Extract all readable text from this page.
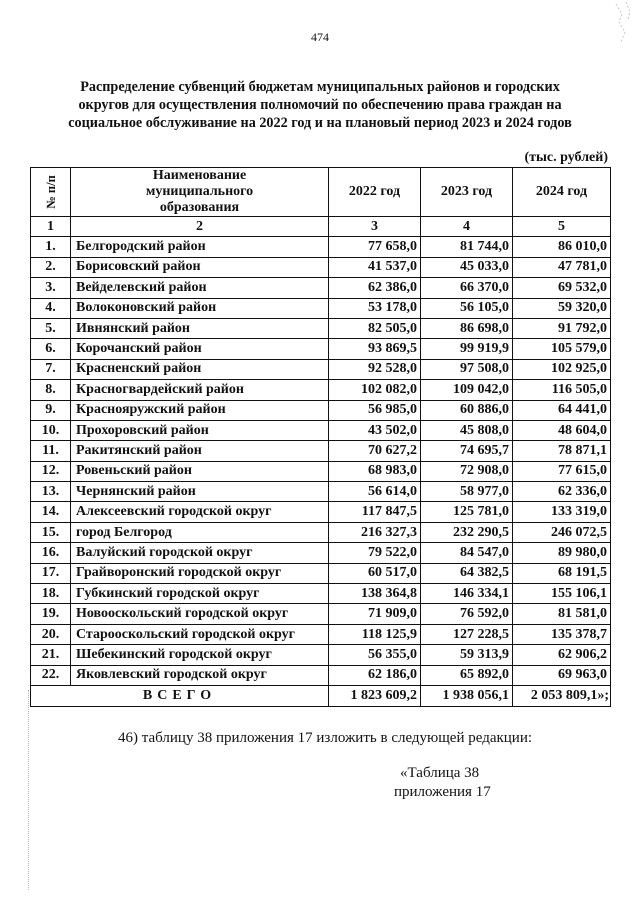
474
Распределение субвенций бюджетам муниципальных районов и городских
округов для осуществления полномочий по обеспечению права граждан на
социальное обслуживание на 2022 год и на плановый период 2023 и 2024 годов
(тыс. рублей)
№ п/п	Наименование муниципального образования	2022 год	2023 год	2024 год
1	2	3	4	5
1.	Белгородский район	77 658,0	81 744,0	86 010,0
2.	Борисовский район	41 537,0	45 033,0	47 781,0
3.	Вейделевский район	62 386,0	66 370,0	69 532,0
4.	Волоконовский район	53 178,0	56 105,0	59 320,0
5.	Ивнянский район	82 505,0	86 698,0	91 792,0
6.	Корочанский район	93 869,5	99 919,9	105 579,0
7.	Красненский район	92 528,0	97 508,0	102 925,0
8.	Красногвардейский район	102 082,0	109 042,0	116 505,0
9.	Краснояружский район	56 985,0	60 886,0	64 441,0
10.	Прохоровский район	43 502,0	45 808,0	48 604,0
11.	Ракитянский район	70 627,2	74 695,7	78 871,1
12.	Ровеньский район	68 983,0	72 908,0	77 615,0
13.	Чернянский район	56 614,0	58 977,0	62 336,0
14.	Алексеевский городской округ	117 847,5	125 781,0	133 319,0
15.	город Белгород	216 327,3	232 290,5	246 072,5
16.	Валуйский городской округ	79 522,0	84 547,0	89 980,0
17.	Грайворонский городской округ	60 517,0	64 382,5	68 191,5
18.	Губкинский городской округ	138 364,8	146 334,1	155 106,1
19.	Новооскольский городской округ	71 909,0	76 592,0	81 581,0
20.	Старооскольский городской округ	118 125,9	127 228,5	135 378,7
21.	Шебекинский городской округ	56 355,0	59 313,9	62 906,2
22.	Яковлевский городской округ	62 186,0	65 892,0	69 963,0
ВСЕГО		1 823 609,2	1 938 056,1	2 053 809,1»;
46) таблицу 38 приложения 17 изложить в следующей редакции:
«Таблица 38
приложения 17
